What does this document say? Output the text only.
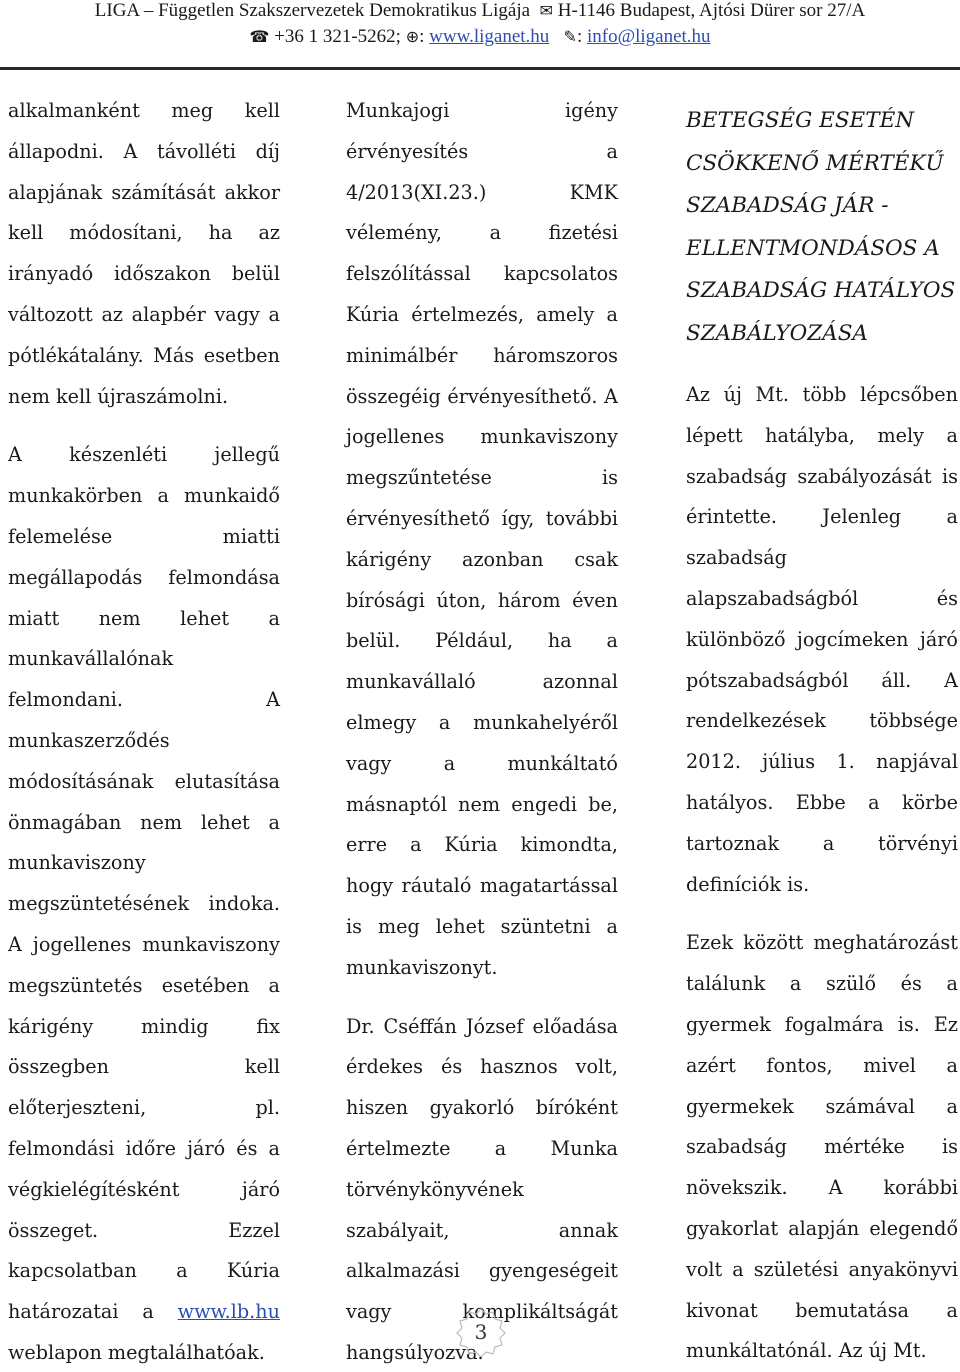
LIGA – Független Szakszervezetek Demokratikus Ligája ✉ H-1146 Budapest, Ajtósi Dürer sor 27/A
☎ +36 1 321-5262; ⊕: www.liganet.hu ✎: info@liganet.hu
alkalmanként meg kell állapodni. A távolléti díj alapjának számítását akkor kell módosítani, ha az irányadó időszakon belül változott az alapbér vagy a pótlékátalány. Más esetben nem kell újraszámolni.
A készenléti jellegű munkakörben a munkaidő felemelése miatti megállapodás felmondása miatt nem lehet a munkavállalónak felmondani. A munkaszerződés módosításának elutasítása önmagában nem lehet a munkaviszony megszüntetésének indoka. A jogellenes munkaviszony megszüntetés esetében a kárigény mindig fix összegben kell előterjeszteni, pl. felmondási időre járó és a végkielégítésként járó összeget. Ezzel kapcsolatban a Kúria határozatai a www.lb.hu weblapon megtalálhatóak.
Munkajogi igény érvényesítés a 4/2013(XI.23.) KMK vélemény, a fizetési felszólítással kapcsolatos Kúria értelmezés, amely a minimálbér háromszoros összegéig érvényesíthető. A jogellenes munkaviszony megszűntetése is érvényesíthető így, további kárigény azonban csak bírósági úton, három éven belül. Például, ha a munkavállaló azonnal elmegy a munkahelyéről vagy a munkáltató másnaptól nem engedi be, erre a Kúria kimondta, hogy ráutaló magatartással is meg lehet szüntetni a munkaviszonyt.
Dr. Cséffán József előadása érdekes és hasznos volt, hiszen gyakorló bíróként értelmezte a Munka törvénykönyvének szabályait, annak alkalmazási gyengeségeit vagy komplikáltságát hangsúlyozva.
BETEGSÉG ESETÉN CSÖKKENŐ MÉRTÉKŰ SZABADSÁG JÁR - ELLENTMONDÁSOS A SZABADSÁG HATÁLYOS SZABÁLYOZÁSA
Az új Mt. több lépcsőben lépett hatályba, mely a szabadság szabályozását is érintette. Jelenleg a szabadság alapszabadságból és különböző jogcímeken járó pótszabadságból áll. A rendelkezések többsége 2012. július 1. napjával hatályos. Ebbe a körbe tartoznak a törvényi definíciók is.
Ezek között meghatározást találunk a szülő és a gyermek fogalmára is. Ez azért fontos, mivel a gyermekek számával a szabadság mértéke is növekszik. A korábbi gyakorlat alapján elegendő volt a születési anyakönyvi kivonat bemutatása a munkáltatónál. Az új Mt.
3
